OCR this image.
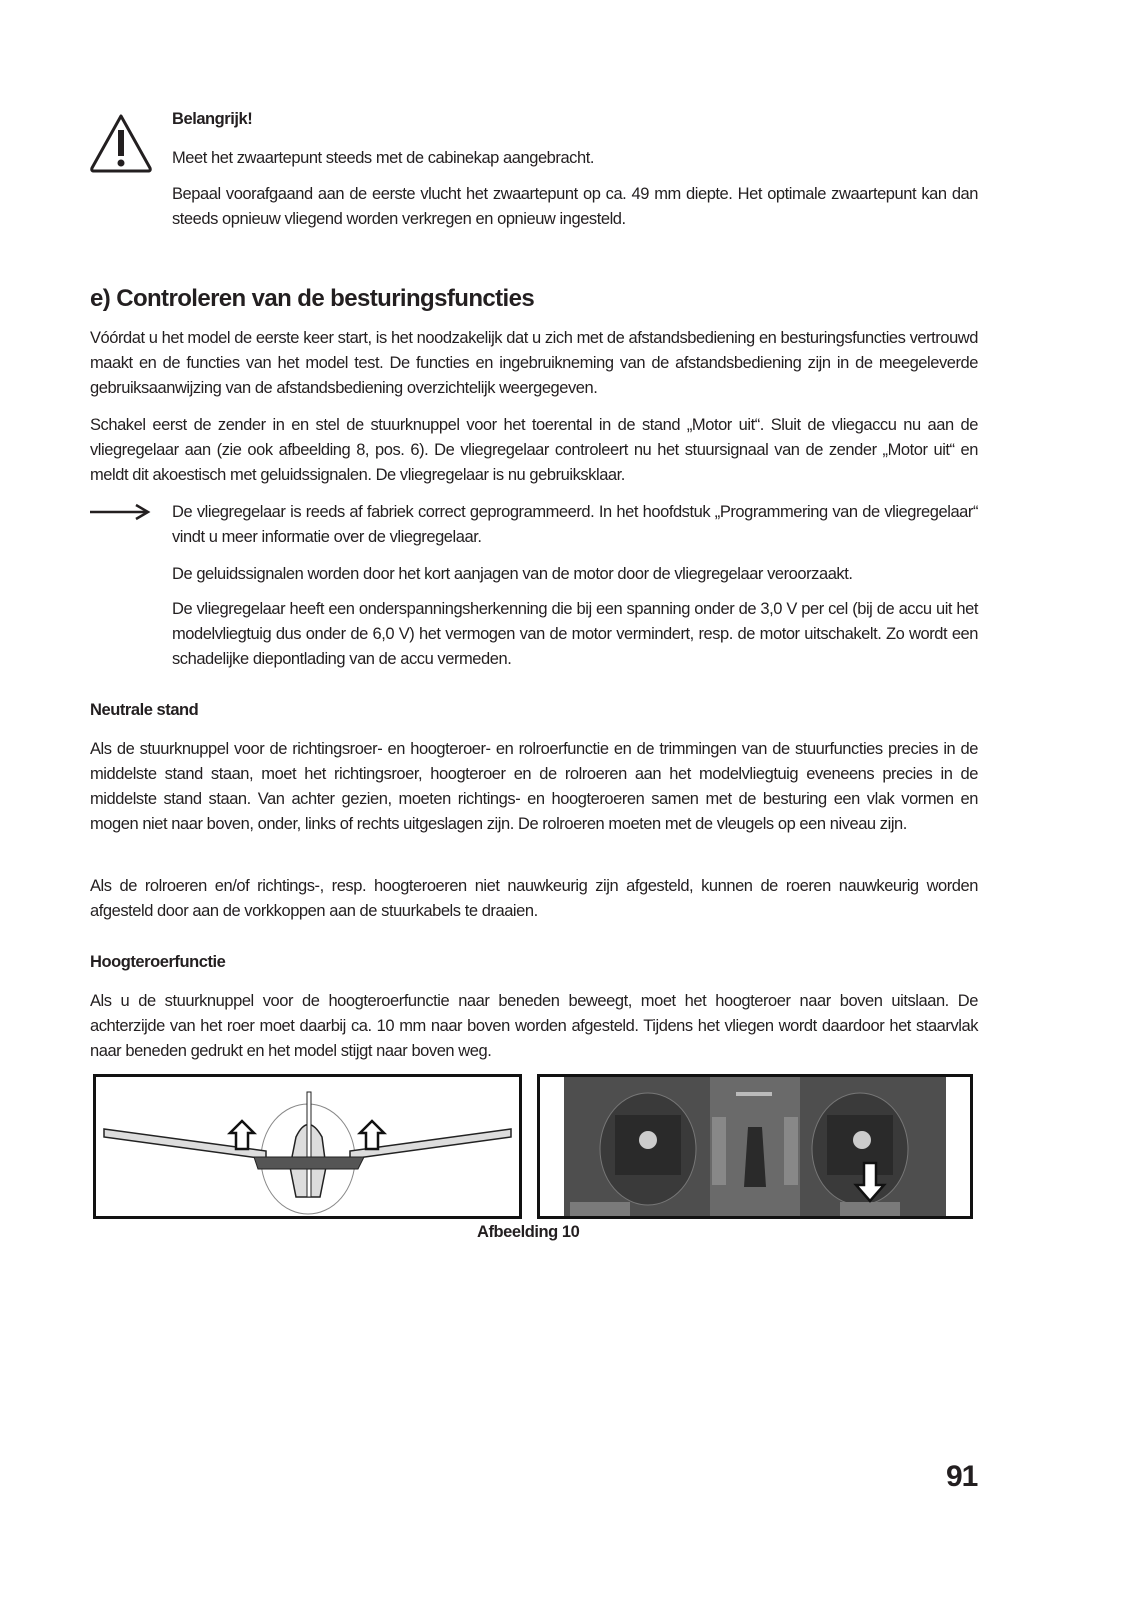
Belangrijk!

Meet het zwaartepunt steeds met de cabinekap aangebracht.

Bepaal voorafgaand aan de eerste vlucht het zwaartepunt op ca. 49 mm diepte. Het optimale zwaartepunt kan dan steeds opnieuw vliegend worden verkregen en opnieuw ingesteld.

e) Controleren van de besturingsfuncties

Vóórdat u het model de eerste keer start, is het noodzakelijk dat u zich met de afstandsbediening en besturingsfuncties vertrouwd maakt en de functies van het model test. De functies en ingebruikneming van de afstandsbediening zijn in de meegeleverde gebruiksaanwijzing van de afstandsbediening overzichtelijk weergegeven.

Schakel eerst de zender in en stel de stuurknuppel voor het toerental in de stand „Motor uit“. Sluit de vliegaccu nu aan de vliegregelaar aan (zie ook afbeelding 8, pos. 6). De vliegregelaar controleert nu het stuursignaal van de zender „Motor uit“ en meldt dit akoestisch met geluidssignalen. De vliegregelaar is nu gebruiksklaar.

De vliegregelaar is reeds af fabriek correct geprogrammeerd. In het hoofdstuk „Programmering van de vliegregelaar“ vindt u meer informatie over de vliegregelaar.

De geluidssignalen worden door het kort aanjagen van de motor door de vliegregelaar veroorzaakt.

De vliegregelaar heeft een onderspanningsherkenning die bij een spanning onder de 3,0 V per cel (bij de accu uit het modelvliegtuig dus onder de 6,0 V) het vermogen van de motor vermindert, resp. de motor uitschakelt. Zo wordt een schadelijke diepontlading van de accu vermeden.

Neutrale stand

Als de stuurknuppel voor de richtingsroer- en hoogteroer- en rolroerfunctie en de trimmingen van de stuurfuncties precies in de middelste stand staan, moet het richtingsroer, hoogteroer en de rolroeren aan het modelvliegtuig eveneens precies in de middelste stand staan. Van achter gezien, moeten richtings- en hoogteroeren samen met de besturing een vlak vormen en mogen niet naar boven, onder, links of rechts uitgeslagen zijn. De rolroeren moeten met de vleugels op een niveau zijn.

Als de rolroeren en/of richtings-, resp. hoogteroeren niet nauwkeurig zijn afgesteld, kunnen de roeren nauwkeurig worden afgesteld door aan de vorkkoppen aan de stuurkabels te draaien.

Hoogteroerfunctie

Als u de stuurknuppel voor de hoogteroerfunctie naar beneden beweegt, moet het hoogteroer naar boven uitslaan. De achterzijde van het roer moet daarbij ca. 10 mm naar boven worden afgesteld. Tijdens het vliegen wordt daardoor het staarvlak naar beneden gedrukt en het model stijgt naar boven weg.

Afbeelding 10
91
